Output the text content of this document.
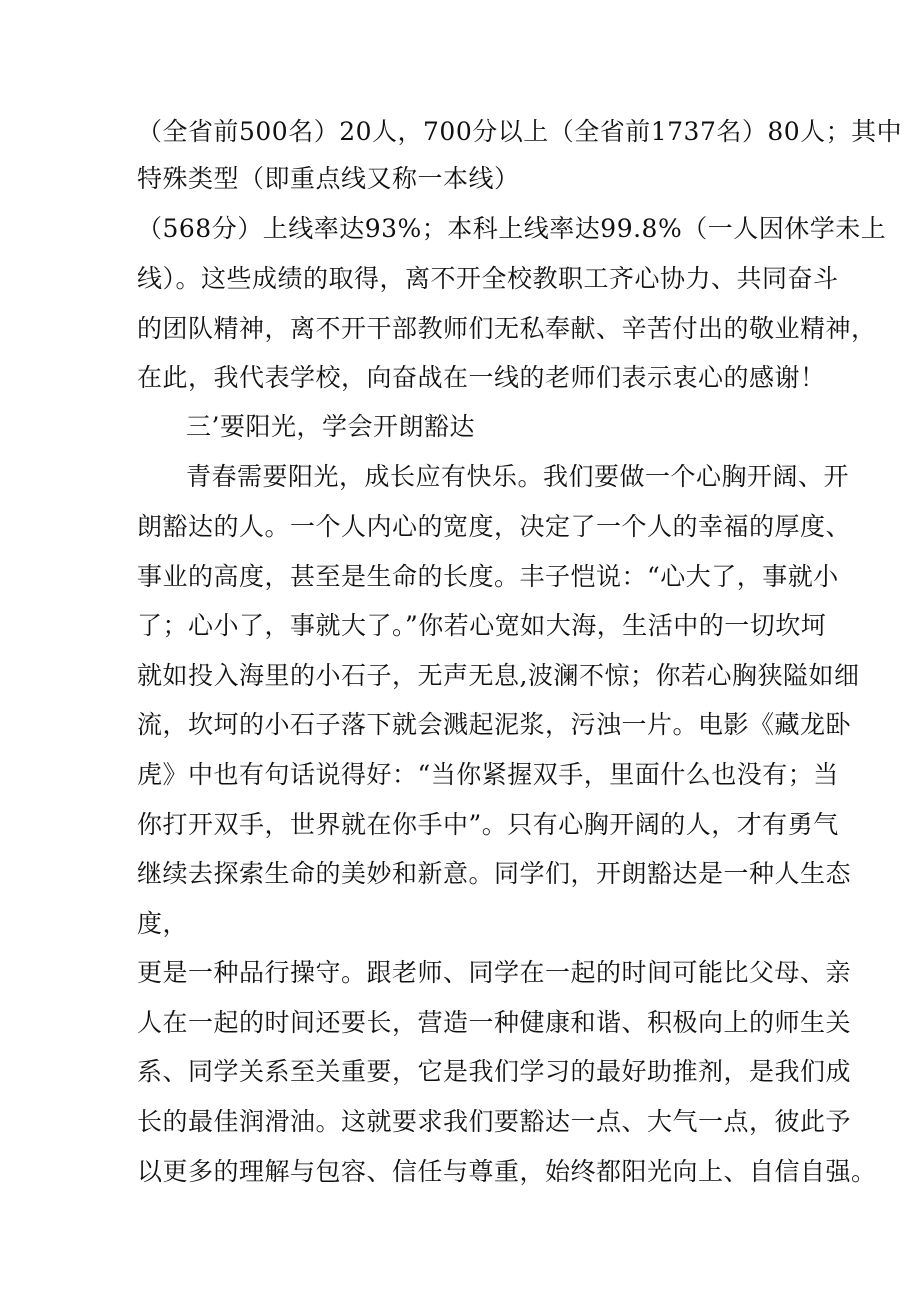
（全省前500名）20人，700分以上（全省前1737名）80人；其中
特殊类型（即重点线又称一本线）
（568分）上线率达93%；本科上线率达99.8%（一人因休学未上
线）。这些成绩的取得，离不开全校教职工齐心协力、共同奋斗
的团队精神，离不开干部教师们无私奉献、辛苦付出的敬业精神，
在此，我代表学校，向奋战在一线的老师们表示衷心的感谢！
三’要阳光，学会开朗豁达
青春需要阳光，成长应有快乐。我们要做一个心胸开阔、开
朗豁达的人。一个人内心的宽度，决定了一个人的幸福的厚度、
事业的高度，甚至是生命的长度。丰子恺说：“心大了，事就小
了；心小了，事就大了。”你若心宽如大海，生活中的一切坎坷
就如投入海里的小石子，无声无息,波澜不惊；你若心胸狭隘如细
流，坎坷的小石子落下就会溅起泥浆，污浊一片。电影《藏龙卧
虎》中也有句话说得好：“当你紧握双手，里面什么也没有；当
你打开双手，世界就在你手中”。只有心胸开阔的人，才有勇气
继续去探索生命的美妙和新意。同学们，开朗豁达是一种人生态
度，
更是一种品行操守。跟老师、同学在一起的时间可能比父母、亲
人在一起的时间还要长，营造一种健康和谐、积极向上的师生关
系、同学关系至关重要，它是我们学习的最好助推剂，是我们成
长的最佳润滑油。这就要求我们要豁达一点、大气一点，彼此予
以更多的理解与包容、信任与尊重，始终都阳光向上、自信自强。
